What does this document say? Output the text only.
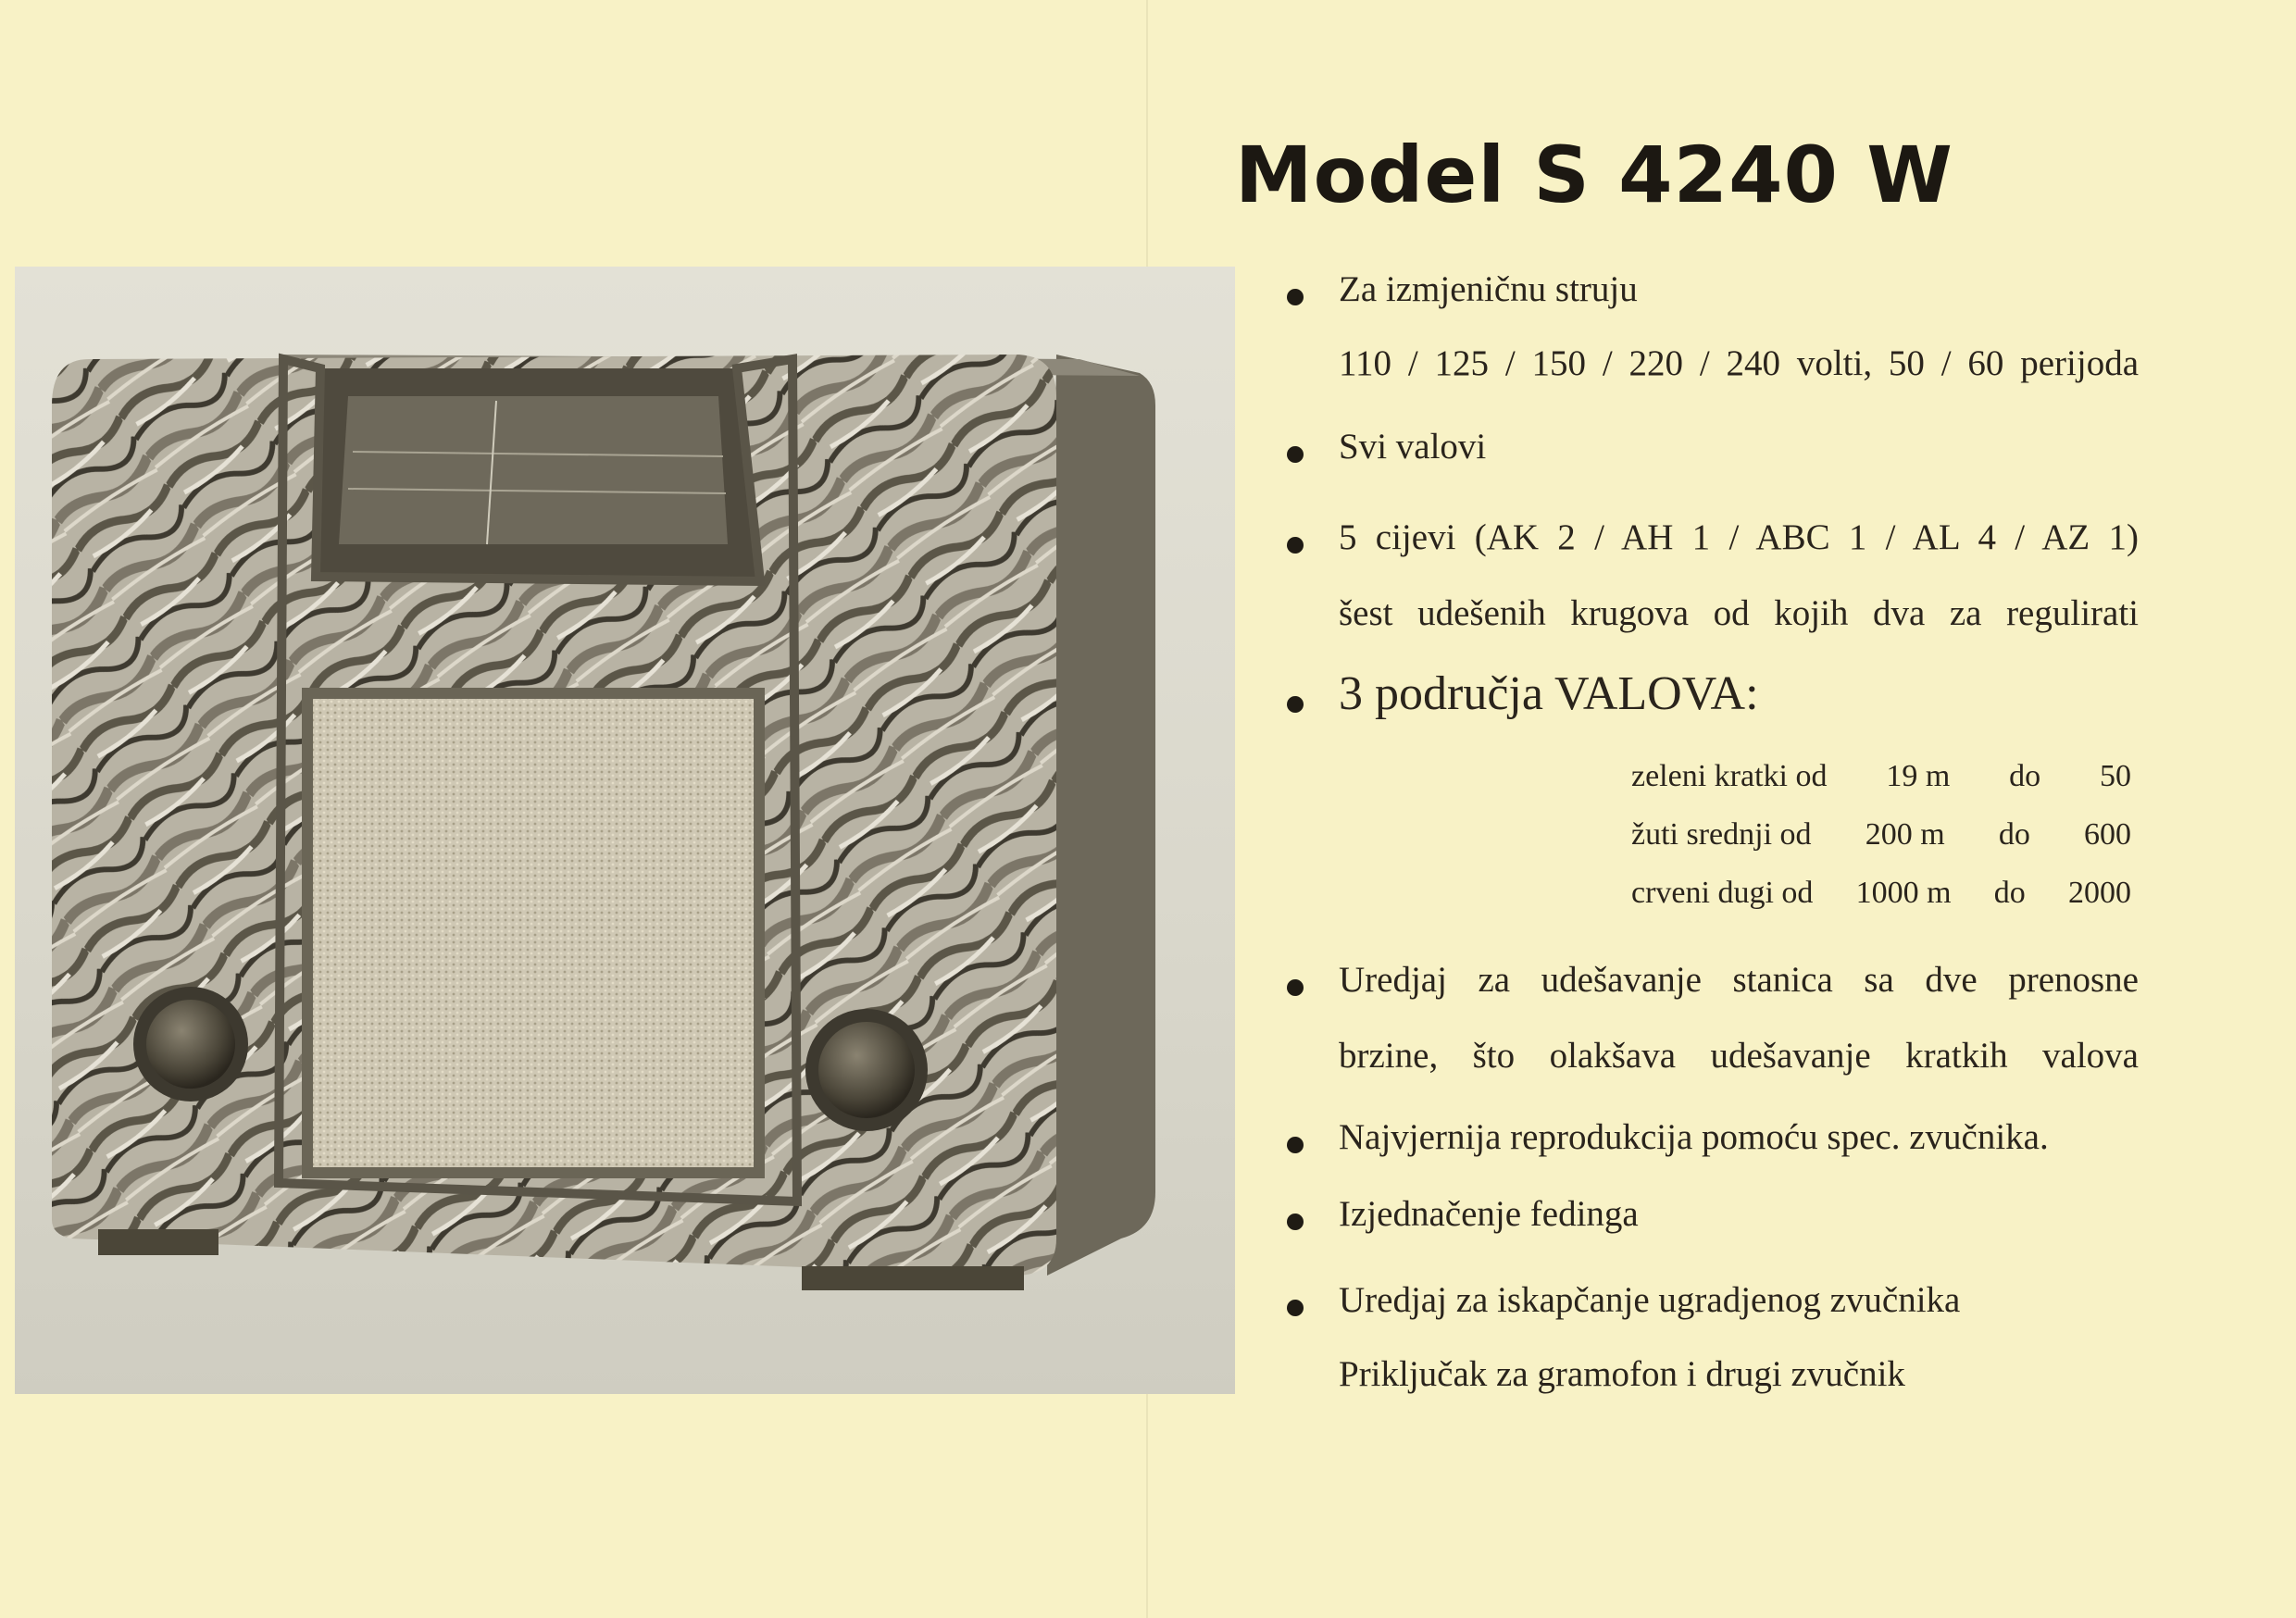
Model S 4240 W
Za izmjeničnu struju
110 / 125 / 150 / 220 / 240 volti, 50 / 60 perijoda
Svi valovi
5 cijevi (AK 2 / AH 1 / ABC 1 / AL 4 / AZ 1)
šest udešenih krugova od kojih dva za regulirati
3 područja VALOVA:
Uredjaj za udešavanje stanica sa dve prenosne
brzine, što olakšava udešavanje kratkih valova
Najvjernija reprodukcija pomoću spec. zvučnika.
Izjednačenje fedinga
Uredjaj za iskapčanje ugradjenog zvučnika
Priključak za gramofon i drugi zvučnik
zeleni kratki od 19 m do 50
žuti srednji od 200 m do 600
crveni dugi od 1000 m do 2000
